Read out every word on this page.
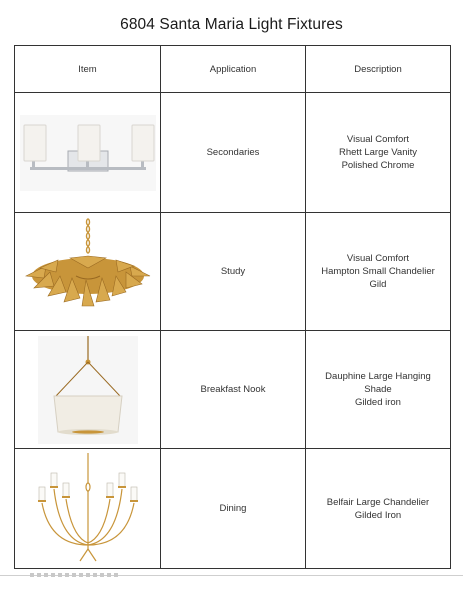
6804 Santa Maria Light Fixtures
Item	Application	Description

	Secondaries	Visual Comfort
Rhett Large Vanity
Polished Chrome

	Study	Visual Comfort
Hampton Small Chandelier
Gild

	Breakfast Nook	Dauphine Large Hanging
Shade
Gilded iron

	Dining	Belfair Large Chandelier
Gilded Iron
